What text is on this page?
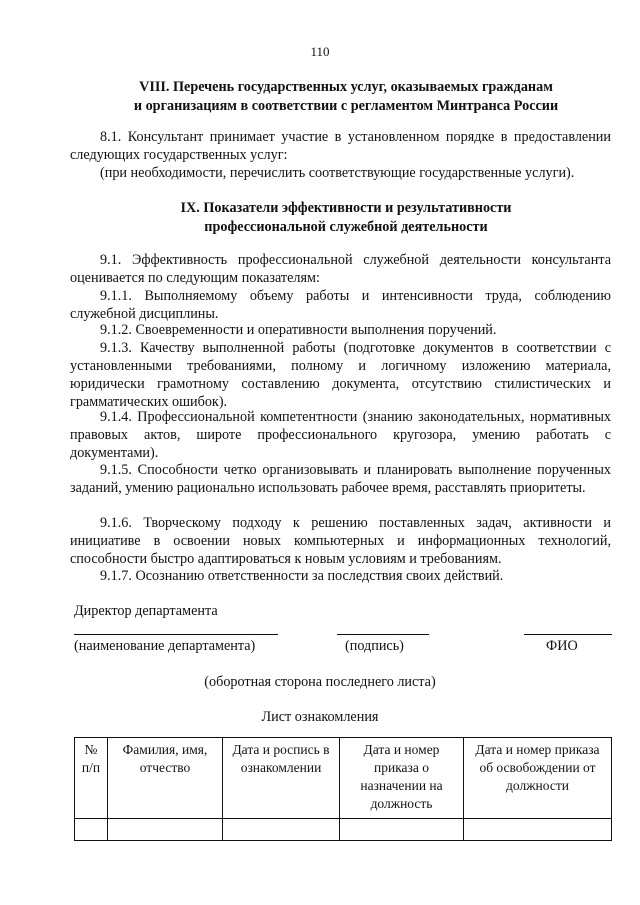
110
VIII. Перечень государственных услуг, оказываемых гражданам
и организациям в соответствии с регламентом Минтранса России
8.1. Консультант принимает участие в установленном порядке в предоставлении следующих государственных услуг:
(при необходимости, перечислить соответствующие государственные услуги).
IX. Показатели эффективности и результативности
профессиональной служебной деятельности
9.1. Эффективность профессиональной служебной деятельности консультанта оценивается по следующим показателям:
9.1.1. Выполняемому объему работы и интенсивности труда, соблюдению служебной дисциплины.
9.1.2. Своевременности и оперативности выполнения поручений.
9.1.3. Качеству выполненной работы (подготовке документов в соответствии с установленными требованиями, полному и логичному изложению материала, юридически грамотному составлению документа, отсутствию стилистических и грамматических ошибок).
9.1.4. Профессиональной компетентности (знанию законодательных, нормативных правовых актов, широте профессионального кругозора, умению работать с документами).
9.1.5. Способности четко организовывать и планировать выполнение порученных заданий, умению рационально использовать рабочее время, расставлять приоритеты.
9.1.6. Творческому подходу к решению поставленных задач, активности и инициативе в освоении новых компьютерных и информационных технологий, способности быстро адаптироваться к новым условиям и требованиям.
9.1.7. Осознанию ответственности за последствия своих действий.
Директор департамента
(наименование департамента)	(подпись)	ФИО
(оборотная сторона последнего листа)
Лист ознакомления
№ п/п	Фамилия, имя, отчество	Дата и роспись в ознакомлении	Дата и номер приказа о назначении на должность	Дата и номер приказа об освобождении от должности
